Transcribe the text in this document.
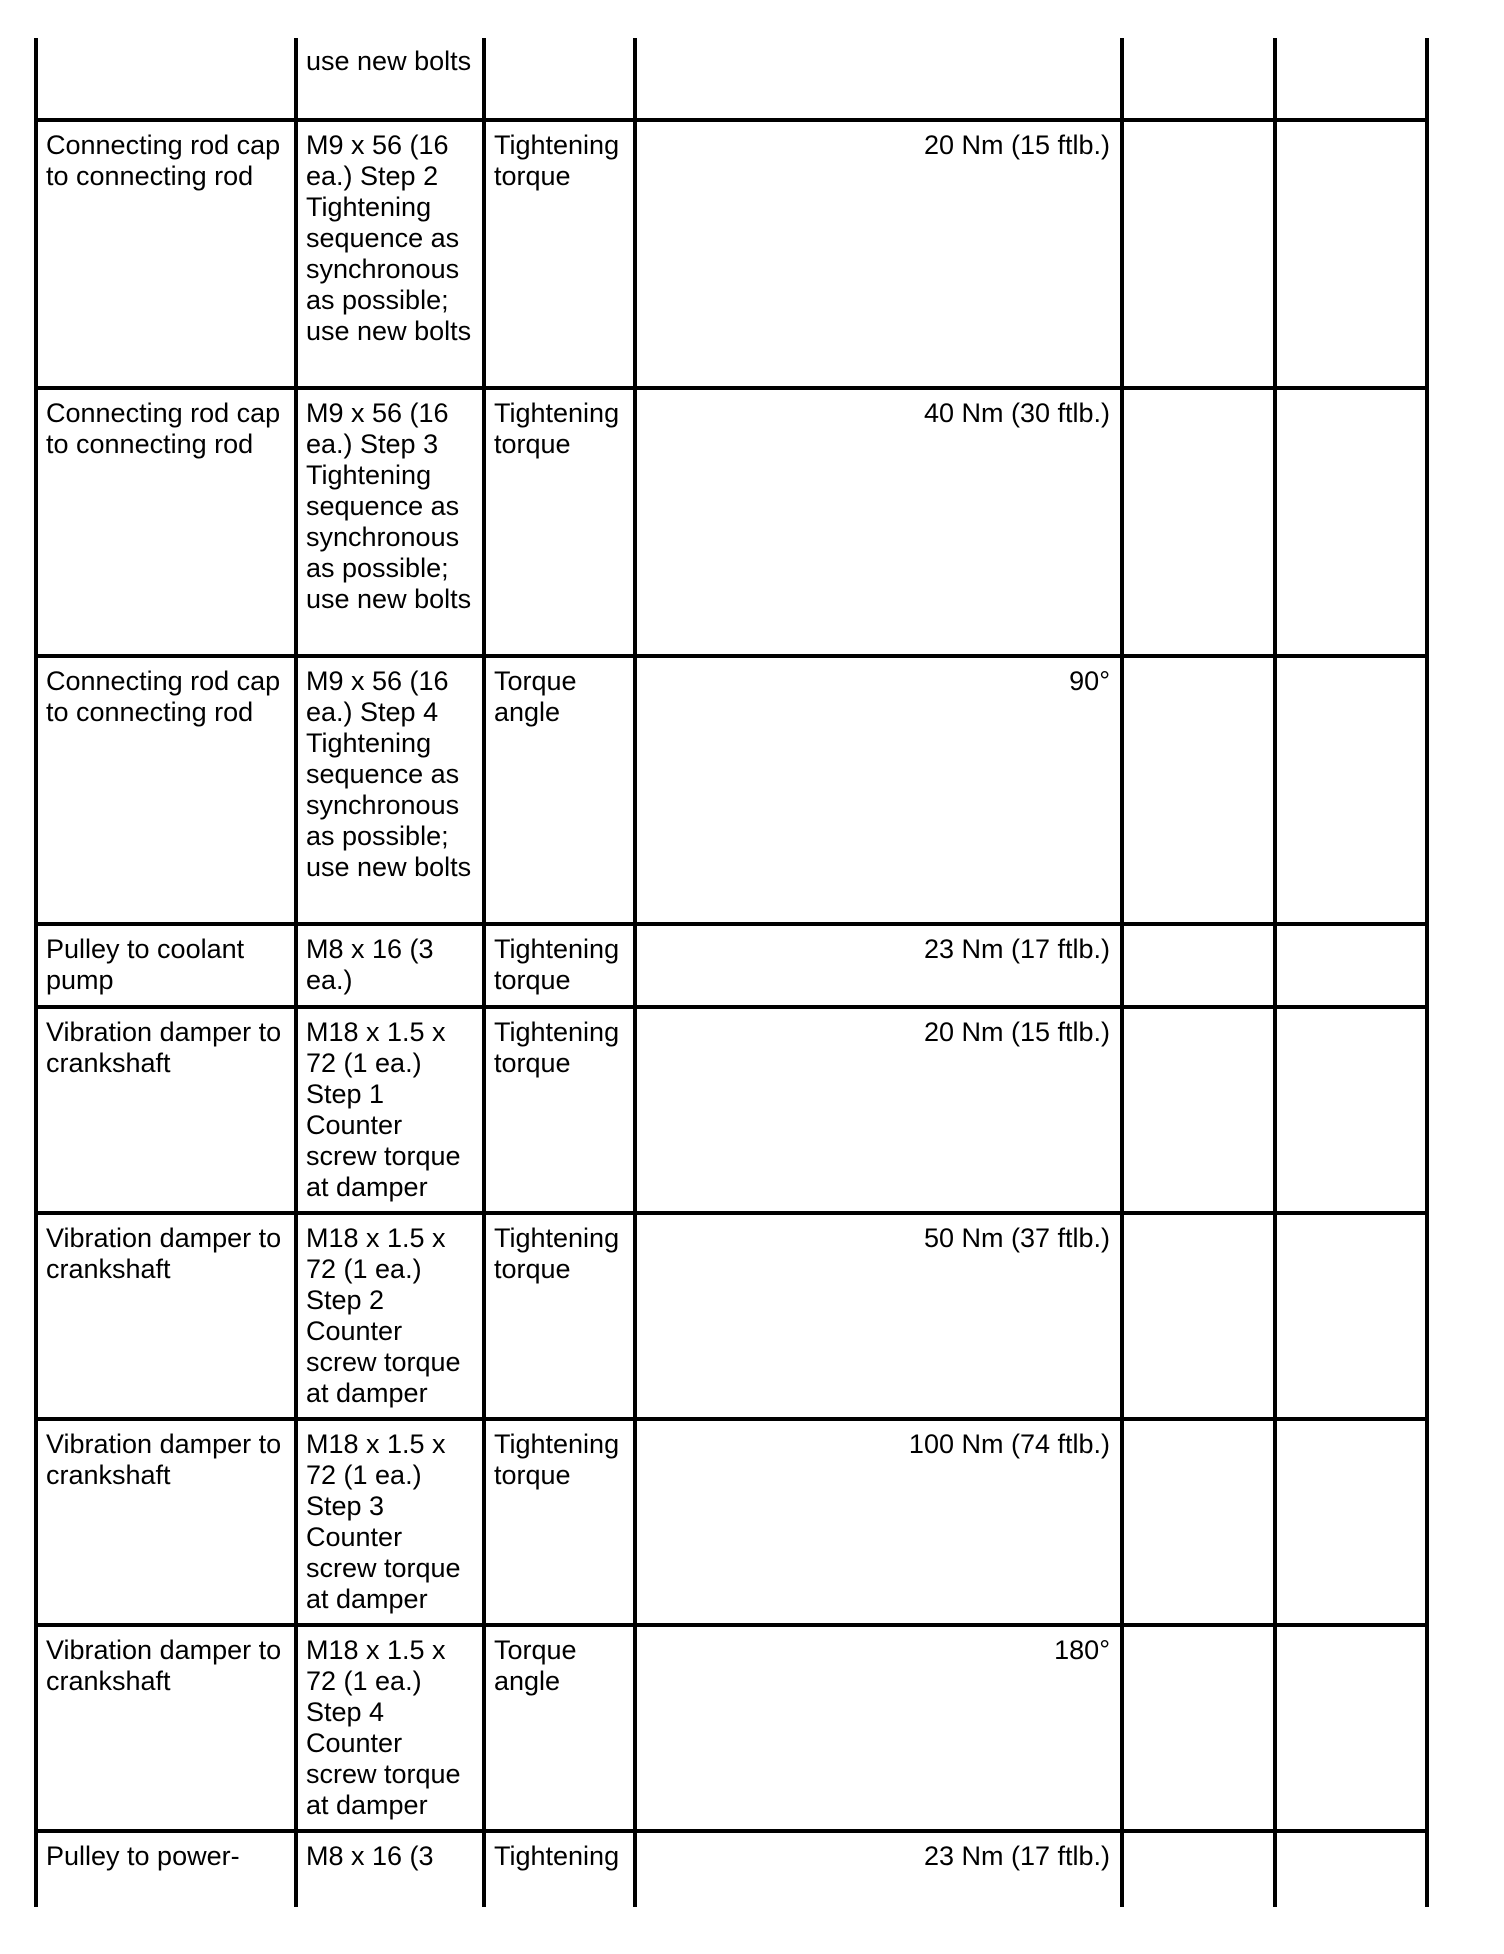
	use new bolts				
Connecting rod cap to connecting rod	M9 x 56 (16 ea.) Step 2 Tightening sequence as synchronous as possible; use new bolts	Tightening torque	20 Nm (15 ftlb.)		
Connecting rod cap to connecting rod	M9 x 56 (16 ea.) Step 3 Tightening sequence as synchronous as possible; use new bolts	Tightening torque	40 Nm (30 ftlb.)		
Connecting rod cap to connecting rod	M9 x 56 (16 ea.) Step 4 Tightening sequence as synchronous as possible; use new bolts	Torque angle	90°		
Pulley to coolant pump	M8 x 16 (3 ea.)	Tightening torque	23 Nm (17 ftlb.)		
Vibration damper to crankshaft	M18 x 1.5 x 72 (1 ea.) Step 1 Counter screw torque at damper	Tightening torque	20 Nm (15 ftlb.)		
Vibration damper to crankshaft	M18 x 1.5 x 72 (1 ea.) Step 2 Counter screw torque at damper	Tightening torque	50 Nm (37 ftlb.)		
Vibration damper to crankshaft	M18 x 1.5 x 72 (1 ea.) Step 3 Counter screw torque at damper	Tightening torque	100 Nm (74 ftlb.)		
Vibration damper to crankshaft	M18 x 1.5 x 72 (1 ea.) Step 4 Counter screw torque at damper	Torque angle	180°		
Pulley to power-	M8 x 16 (3	Tightening	23 Nm (17 ftlb.)		
